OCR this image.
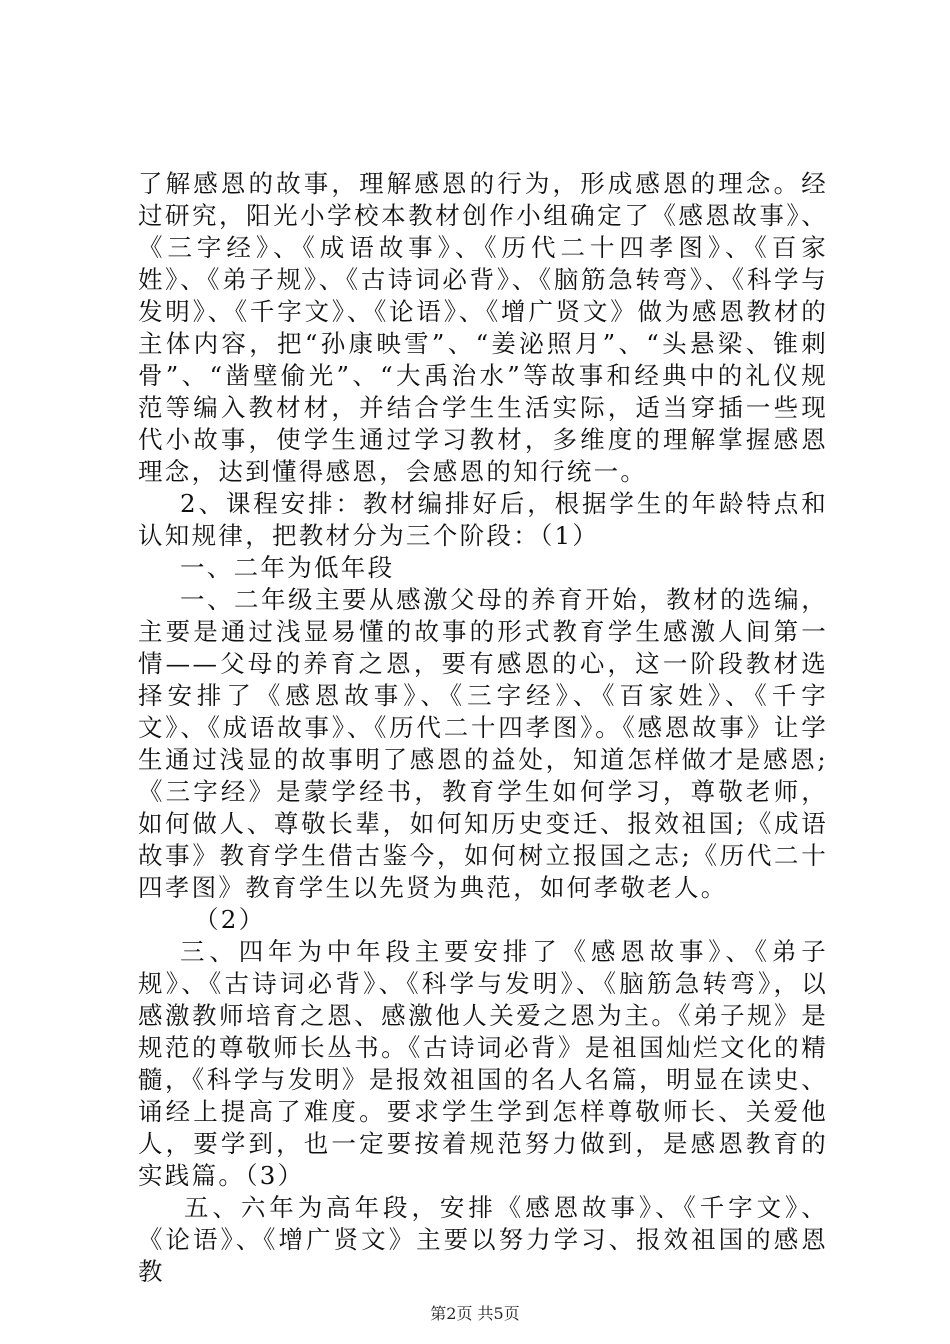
了解感恩的故事，理解感恩的行为，形成感恩的理念。经过研究，阳光小学校本教材创作小组确定了《感恩故事》、《三字经》、《成语故事》、《历代二十四孝图》、《百家姓》、《弟子规》、《古诗词必背》、《脑筋急转弯》、《科学与发明》、《千字文》、《论语》、《增广贤文》做为感恩教材的主体内容，把“孙康映雪”、“姜泌照月”、“头悬梁、锥刺骨”、“凿壁偷光”、“大禹治水”等故事和经典中的礼仪规范等编入教材材，并结合学生生活实际，适当穿插一些现代小故事，使学生通过学习教材，多维度的理解掌握感恩理念，达到懂得感恩，会感恩的知行统一。

2、课程安排：教材编排好后，根据学生的年龄特点和认知规律，把教材分为三个阶段：（1）

一、二年为低年段

一、二年级主要从感激父母的养育开始，教材的选编，主要是通过浅显易懂的故事的形式教育学生感激人间第一情——父母的养育之恩，要有感恩的心，这一阶段教材选择安排了《感恩故事》、《三字经》、《百家姓》、《千字文》、《成语故事》、《历代二十四孝图》。《感恩故事》让学生通过浅显的故事明了感恩的益处，知道怎样做才是感恩;《三字经》是蒙学经书，教育学生如何学习，尊敬老师，如何做人、尊敬长辈，如何知历史变迁、报效祖国;《成语故事》教育学生借古鉴今，如何树立报国之志;《历代二十四孝图》教育学生以先贤为典范，如何孝敬老人。

（2）

三、四年为中年段主要安排了《感恩故事》、《弟子规》、《古诗词必背》、《科学与发明》、《脑筋急转弯》，以感激教师培育之恩、感激他人关爱之恩为主。《弟子规》是规范的尊敬师长丛书。《古诗词必背》是祖国灿烂文化的精髓，《科学与发明》是报效祖国的名人名篇，明显在读史、诵经上提高了难度。要求学生学到怎样尊敬师长、关爱他人，要学到，也一定要按着规范努力做到，是感恩教育的实践篇。（3）

五、六年为高年段，安排《感恩故事》、《千字文》、《论语》、《增广贤文》主要以努力学习、报效祖国的感恩教

第2页 共5页
